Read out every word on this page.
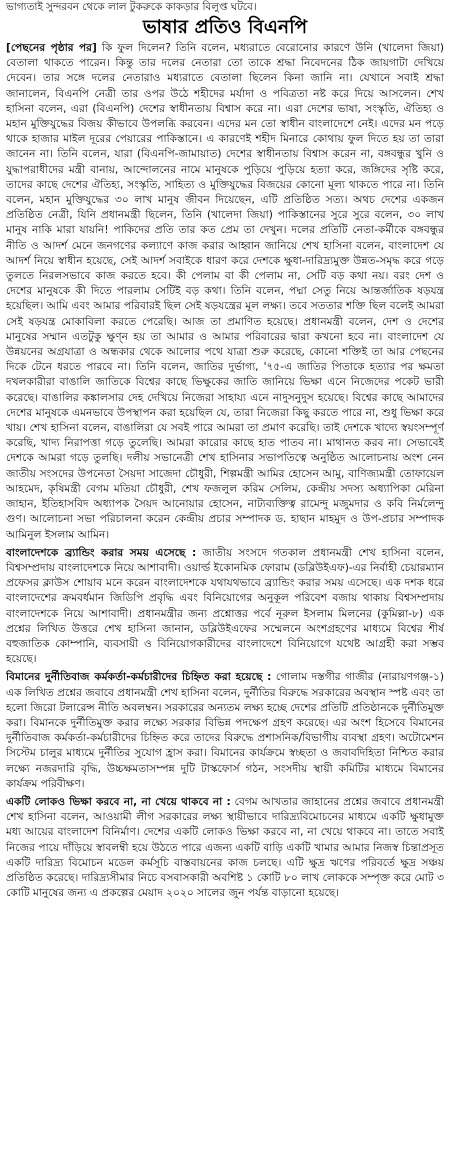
ভাগ্যতাই সুন্দরবন থেকে লাল টুকরুকে কাকড়ার বিলুপ্ত ঘটবে।
ভাষার প্রতিও বিএনপি

[পেছনের পৃষ্ঠার পর] কি ফুল দিলেন? তিনি বলেন, মধ্যরাতে বেরোনোর কারণে উনি (খালেদা জিয়া) বেতালা থাকতে পারেন। কিন্তু তার দলের নেতারা তো তাকে শ্রদ্ধা নিবেদনের ঠিক জায়গাটা দেখিয়ে দেবেন। তার সঙ্গে দলের নেতারাও মধ্যরাতে বেতালা ছিলেন কিনা জানি না। যেখানে সবাই শ্রদ্ধা জানালেন, বিএনপি নেত্রী তার ওপর উঠে শহীদের মর্যাদা ও পবিত্রতা নষ্ট করে দিয়ে আসলেন। শেখ হাসিনা বলেন, এরা (বিএনপি) দেশের স্বাধীনতায় বিশ্বাস করে না। এরা দেশের ভাষা, সংস্কৃতি, ঐতিহ্য ও মহান মুক্তিযুদ্ধের বিজয় কীভাবে উপলব্ধি করবেন। এদের মন তো স্বাধীন বাংলাদেশে নেই। এদের মন পড়ে থাকে হাজার মাইল দূরের পেয়ারের পাকিস্তানে। এ কারণেই শহীদ মিনারে কোথায় ফুল দিতে হয় তা তারা জানেন না। তিনি বলেন, যারা (বিএনপি-জামায়াত) দেশের স্বাধীনতায় বিশ্বাস করেন না, বঙ্গবন্ধুর খুনি ও যুদ্ধাপরাধীদের মন্ত্রী বানায়, আন্দোলনের নামে মানুষকে পুড়িয়ে পুড়িয়ে হত্যা করে, জঙ্গিদের সৃষ্টি করে, তাদের কাছে দেশের ঐতিহ্য, সংস্কৃতি, সাহিত্য ও মুক্তিযুদ্ধের বিজয়ের কোনো মূল্য থাকতে পারে না। তিনি বলেন, মহান মুক্তিযুদ্ধের ৩০ লাখ মানুষ জীবন দিয়েছেন, এটি প্রতিষ্ঠিত সত্য। অথচ দেশের একজন প্রতিষ্ঠিত নেত্রী, যিনি প্রধানমন্ত্রী ছিলেন, তিনি (খালেদা জিয়া) পাকিস্তানের সুরে সুরে বলেন, ৩০ লাখ মানুষ নাকি মারা যায়নি! পাকিদের প্রতি তার কত প্রেম তা দেখুন। দলের প্রতিটি নেতা-কর্মীকে বঙ্গবন্ধুর নীতি ও আদর্শ মেনে জনগণের কল্যাণে কাজ করার আহ্বান জানিয়ে শেখ হাসিনা বলেন, বাংলাদেশ যে আদর্শ নিয়ে স্বাধীন হয়েছে, সেই আদর্শ সবাইকে ধারণ করে দেশকে ক্ষুধা-দারিদ্র্যমুক্ত উন্নত-সমৃদ্ধ করে গড়ে তুলতে নিরলসভাবে কাজ করতে হবে। কী পেলাম বা কী পেলাম না, সেটি বড় কথা নয়। বরং দেশ ও দেশের মানুষকে কী দিতে পারলাম সেটিই বড় কথা। তিনি বলেন, পদ্মা সেতু নিয়ে আন্তর্জাতিক ষড়যন্ত্র হয়েছিল। আমি এবং আমার পরিবারই ছিল সেই ষড়যন্ত্রের মূল লক্ষ্য। তবে সততার শক্তি ছিল বলেই আমরা সেই ষড়যন্ত্র মোকাবিলা করতে পেরেছি। আজ তা প্রমাণিত হয়েছে। প্রধানমন্ত্রী বলেন, দেশ ও দেশের মানুষের সম্মান এতটুকু ক্ষুণ্ন হয় তা আমার ও আমার পরিবারের দ্বারা কখনো হবে না। বাংলাদেশ যে উন্নয়নের অগ্রযাত্রা ও অন্ধকার থেকে আলোর পথে যাত্রা শুরু করেছে, কোনো শক্তিই তা আর পেছনের দিকে টেনে ধরতে পারবে না। তিনি বলেন, জাতির দুর্ভাগ্য, '৭৫-এ জাতির পিতাকে হত্যার পর ক্ষমতা দখলকারীরা বাঙালি জাতিকে বিশ্বের কাছে ভিক্ষুকের জাতি জানিয়ে ভিক্ষা এনে নিজেদের পকেট ভারী করেছে। বাঙালির কঙ্কালসার দেহ দেখিয়ে নিজেরা সাহায্য এনে নাদুসনুদুস হয়েছে। বিশ্বের কাছে আমাদের দেশের মানুষকে এমনভাবে উপস্থাপন করা হয়েছিল যে, তারা নিজেরা কিছু করতে পারে না, শুধু ভিক্ষা করে খায়। শেখ হাসিনা বলেন, বাঙালিরা যে সবই পারে আমরা তা প্রমাণ করেছি। তাই দেশকে খাদ্যে স্বয়ংসম্পূর্ণ করেছি, খাদ্য নিরাপত্তা গড়ে তুলেছি। আমরা কারোর কাছে হাত পাতব না। মাথানত করব না। সেভাবেই দেশকে আমরা গড়ে তুলছি। দলীয় সভানেত্রী শেখ হাসিনার সভাপতিত্বে অনুষ্ঠিত আলোচনায় অংশ নেন জাতীয় সংসদের উপনেতা সৈয়দা সাজেদা চৌধুরী, শিল্পমন্ত্রী আমির হোসেন আমু, বাণিজ্যমন্ত্রী তোফায়েল আহমেদ, কৃষিমন্ত্রী বেগম মতিয়া চৌধুরী, শেখ ফজলুল করিম সেলিম, কেন্দ্রীয় সদস্য অধ্যাপিকা মেরিনা জাহান, ইতিহাসবিদ অধ্যাপক সৈয়দ আনোয়ার হোসেন, নাট্যব্যক্তিত্ব রামেন্দু মজুমদার ও কবি নির্মলেন্দু গুণ। আলোচনা সভা পরিচালনা করেন কেন্দ্রীয় প্রচার সম্পাদক ড. হাছান মাহমুদ ও উপ-প্রচার সম্পাদক আমিনুল ইসলাম আমিন।

বাংলাদেশকে ব্র্যান্ডিং করার সময় এসেছে : জাতীয় সংসদে গতকাল প্রধানমন্ত্রী শেখ হাসিনা বলেন, বিশ্বসম্প্রদায় বাংলাদেশকে নিয়ে আশাবাদী। ওয়ার্ল্ড ইকোনমিক ফোরাম (ডব্লিউইএফ)-এর নির্বাহী চেয়ারম্যান প্রফেসর ক্লাউস শোয়াব মনে করেন বাংলাদেশকে যথাযথভাবে ব্র্যান্ডিং করার সময় এসেছে। এক দশক ধরে বাংলাদেশের ক্রমবর্ধমান জিডিপি প্রবৃদ্ধি এবং বিনিয়োগের অনুকূল পরিবেশ বজায় থাকায় বিশ্বসম্প্রদায় বাংলাদেশকে নিয়ে আশাবাদী। প্রধানমন্ত্রীর জন্য প্রশ্নোত্তর পর্বে নূরুল ইসলাম মিলনের (কুমিল্লা-৮) এক প্রশ্নের লিখিত উত্তরে শেখ হাসিনা জানান, ডব্লিউইএফের সম্মেলনে অংশগ্রহণের মাধ্যমে বিশ্বের শীর্ষ বহুজাতিক কোম্পানি, ব্যবসায়ী ও বিনিয়োগকারীদের বাংলাদেশে বিনিয়োগে যথেষ্ট আগ্রহী করা সম্ভব হয়েছে।

বিমানের দুর্নীতিবাজ কর্মকর্তা-কর্মচারীদের চিহ্নিত করা হয়েছে : গোলাম দস্তগীর গাজীর (নারায়ণগঞ্জ-১) এক লিখিত প্রশ্নের জবাবে প্রধানমন্ত্রী শেখ হাসিনা বলেন, দুর্নীতির বিরুদ্ধে সরকারের অবস্থান স্পষ্ট এবং তা হলো জিরো টলারেন্স নীতি অবলম্বন। সরকারের অন্যতম লক্ষ্য হচ্ছে দেশের প্রতিটি প্রতিষ্ঠানকে দুর্নীতিমুক্ত করা। বিমানকে দুর্নীতিমুক্ত করার লক্ষ্যে সরকার বিভিন্ন পদক্ষেপ গ্রহণ করেছে। এর অংশ হিসেবে বিমানের দুর্নীতিবাজ কর্মকর্তা-কর্মচারীদের চিহ্নিত করে তাদের বিরুদ্ধে প্রশাসনিক/বিভাগীয় ব্যবস্থা গ্রহণ। অটোমেশন সিস্টেম চালুর মাধ্যমে দুর্নীতির সুযোগ হ্রাস করা। বিমানের কার্যক্রমে স্বচ্ছতা ও জবাবদিহিতা নিশ্চিত করার লক্ষ্যে নজরদারি বৃদ্ধি, উচ্চক্ষমতাসম্পন্ন দুটি টাস্কফোর্স গঠন, সংসদীয় স্থায়ী কমিটির মাধ্যমে বিমানের কার্যক্রম পরিবীক্ষণ।

একটি লোকও ভিক্ষা করবে না, না খেয়ে থাকবে না : বেগম আখতার জাহানের প্রশ্নের জবাবে প্রধানমন্ত্রী শেখ হাসিনা বলেন, আওয়ামী লীগ সরকারের লক্ষ্য স্থায়ীভাবে দারিদ্র্যবিমোচনের মাধ্যমে একটি ক্ষুধামুক্ত মধ্য আয়ের বাংলাদেশ বিনির্মাণ। দেশের একটি লোকও ভিক্ষা করবে না, না খেয়ে থাকবে না। তাতে সবাই নিজের পায়ে দাঁড়িয়ে স্বাবলম্বী হয়ে উঠতে পারে এজন্য একটি বাড়ি একটি খামার আমার নিজস্ব চিন্তাপ্রসূত একটি দারিদ্র্য বিমোচন মডেল কর্মসূচি বাস্তবায়নের কাজ চলছে। এটি ক্ষুদ্র ঋণের পরিবর্তে ক্ষুদ্র সঞ্চয় প্রতিষ্ঠিত করেছে। দারিদ্র্যসীমার নিচে বসবাসকারী অবশিষ্ট ১ কোটি ৮০ লাখ লোককে সম্পৃক্ত করে মোট ৩ কোটি মানুষের জন্য এ প্রকল্পের মেয়াদ ২০২০ সালের জুন পর্যন্ত বাড়ানো হয়েছে।
